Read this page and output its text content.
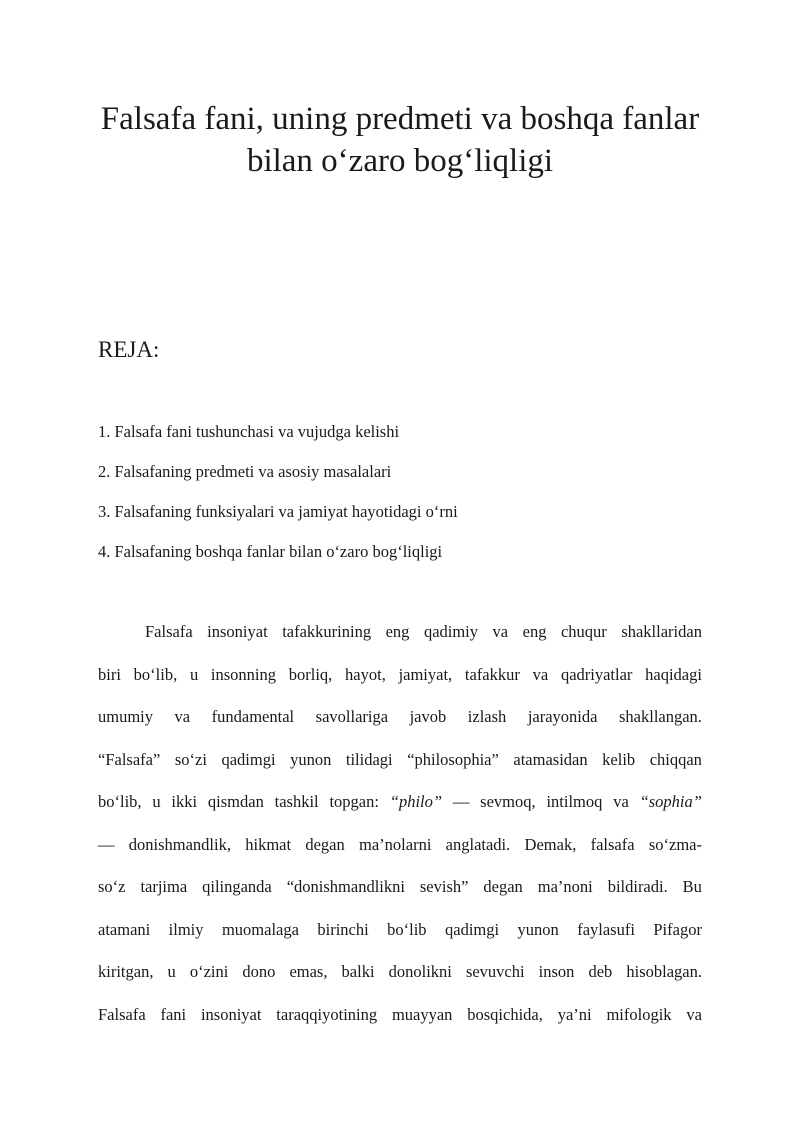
Falsafa fani, uning predmeti va boshqa fanlar
bilan o‘zaro bog‘liqligi
REJA:
1. Falsafa fani tushunchasi va vujudga kelishi
2. Falsafaning predmeti va asosiy masalalari
3. Falsafaning funksiyalari va jamiyat hayotidagi o‘rni
4. Falsafaning boshqa fanlar bilan o‘zaro bog‘liqligi
Falsafa insoniyat tafakkurining eng qadimiy va eng chuqur shakllaridan
biri bo‘lib, u insonning borliq, hayot, jamiyat, tafakkur va qadriyatlar haqidagi
umumiy va fundamental savollariga javob izlash jarayonida shakllangan.
“Falsafa” so‘zi qadimgi yunon tilidagi “philosophia” atamasidan kelib chiqqan
bo‘lib, u ikki qismdan tashkil topgan: “philo” — sevmoq, intilmoq va “sophia”
— donishmandlik, hikmat degan ma’nolarni anglatadi. Demak, falsafa so‘zma-
so‘z tarjima qilinganda “donishmandlikni sevish” degan ma’noni bildiradi. Bu
atamani ilmiy muomalaga birinchi bo‘lib qadimgi yunon faylasufi Pifagor
kiritgan, u o‘zini dono emas, balki donolikni sevuvchi inson deb hisoblagan.
Falsafa fani insoniyat taraqqiyotining muayyan bosqichida, ya’ni mifologik va
